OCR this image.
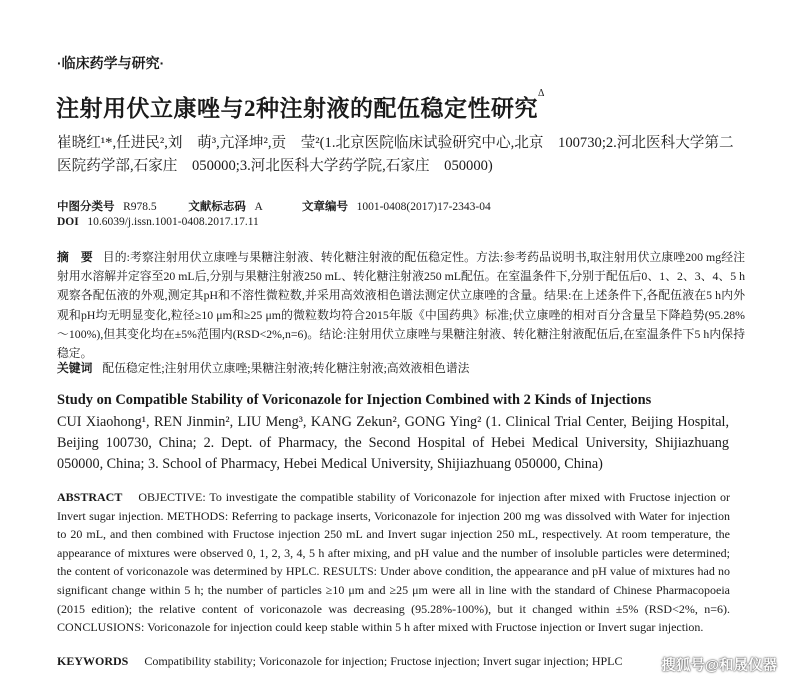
·临床药学与研究·
注射用伏立康唑与2种注射液的配伍稳定性研究$^\Delta$
崔晓红¹*,任进民²,刘　萌³,亢泽坤²,贡　莹²(1.北京医院临床试验研究中心,北京　100730;2.河北医科大学第二医院药学部,石家庄　050000;3.河北医科大学药学院,石家庄　050000)
中图分类号 R978.5	文献标志码 A	文章编号 1001-0408(2017)17-2343-04
DOI 10.6039/j.issn.1001-0408.2017.17.11
摘　要 目的:考察注射用伏立康唑与果糖注射液、转化糖注射液的配伍稳定性。方法:参考药品说明书,取注射用伏立康唑200 mg经注射用水溶解并定容至20 mL后,分别与果糖注射液250 mL、转化糖注射液250 mL配伍。在室温条件下,分别于配伍后0、1、2、3、4、5 h观察各配伍液的外观,测定其pH和不溶性微粒数,并采用高效液相色谱法测定伏立康唑的含量。结果:在上述条件下,各配伍液在5 h内外观和pH均无明显变化,粒径≥10 μm和≥25 μm的微粒数均符合2015年版《中国药典》标准;伏立康唑的相对百分含量呈下降趋势(95.28%～100%),但其变化均在±5%范围内(RSD<2%,n=6)。结论:注射用伏立康唑与果糖注射液、转化糖注射液配伍后,在室温条件下5 h内保持稳定。
关键词 配伍稳定性;注射用伏立康唑;果糖注射液;转化糖注射液;高效液相色谱法
Study on Compatible Stability of Voriconazole for Injection Combined with 2 Kinds of Injections
CUI Xiaohong¹, REN Jinmin², LIU Meng³, KANG Zekun², GONG Ying² (1. Clinical Trial Center, Beijing Hospital, Beijing 100730, China; 2. Dept. of Pharmacy, the Second Hospital of Hebei Medical University, Shijiazhuang 050000, China; 3. School of Pharmacy, Hebei Medical University, Shijiazhuang 050000, China)
ABSTRACT OBJECTIVE: To investigate the compatible stability of Voriconazole for injection after mixed with Fructose injection or Invert sugar injection. METHODS: Referring to package inserts, Voriconazole for injection 200 mg was dissolved with Water for injection to 20 mL, and then combined with Fructose injection 250 mL and Invert sugar injection 250 mL, respectively. At room temperature, the appearance of mixtures were observed 0, 1, 2, 3, 4, 5 h after mixing, and pH value and the number of insoluble particles were determined; the content of voriconazole was determined by HPLC. RESULTS: Under above condition, the appearance and pH value of mixtures had no significant change within 5 h; the number of particles ≥10 μm and ≥25 μm were all in line with the standard of Chinese Pharmacopoeia (2015 edition); the relative content of voriconazole was decreasing (95.28%-100%), but it changed within ±5% (RSD<2%, n=6). CONCLUSIONS: Voriconazole for injection could keep stable within 5 h after mixed with Fructose injection or Invert sugar injection.
KEYWORDS Compatibility stability; Voriconazole for injection; Fructose injection; Invert sugar injection; HPLC	搜狐号@和晟仪器
